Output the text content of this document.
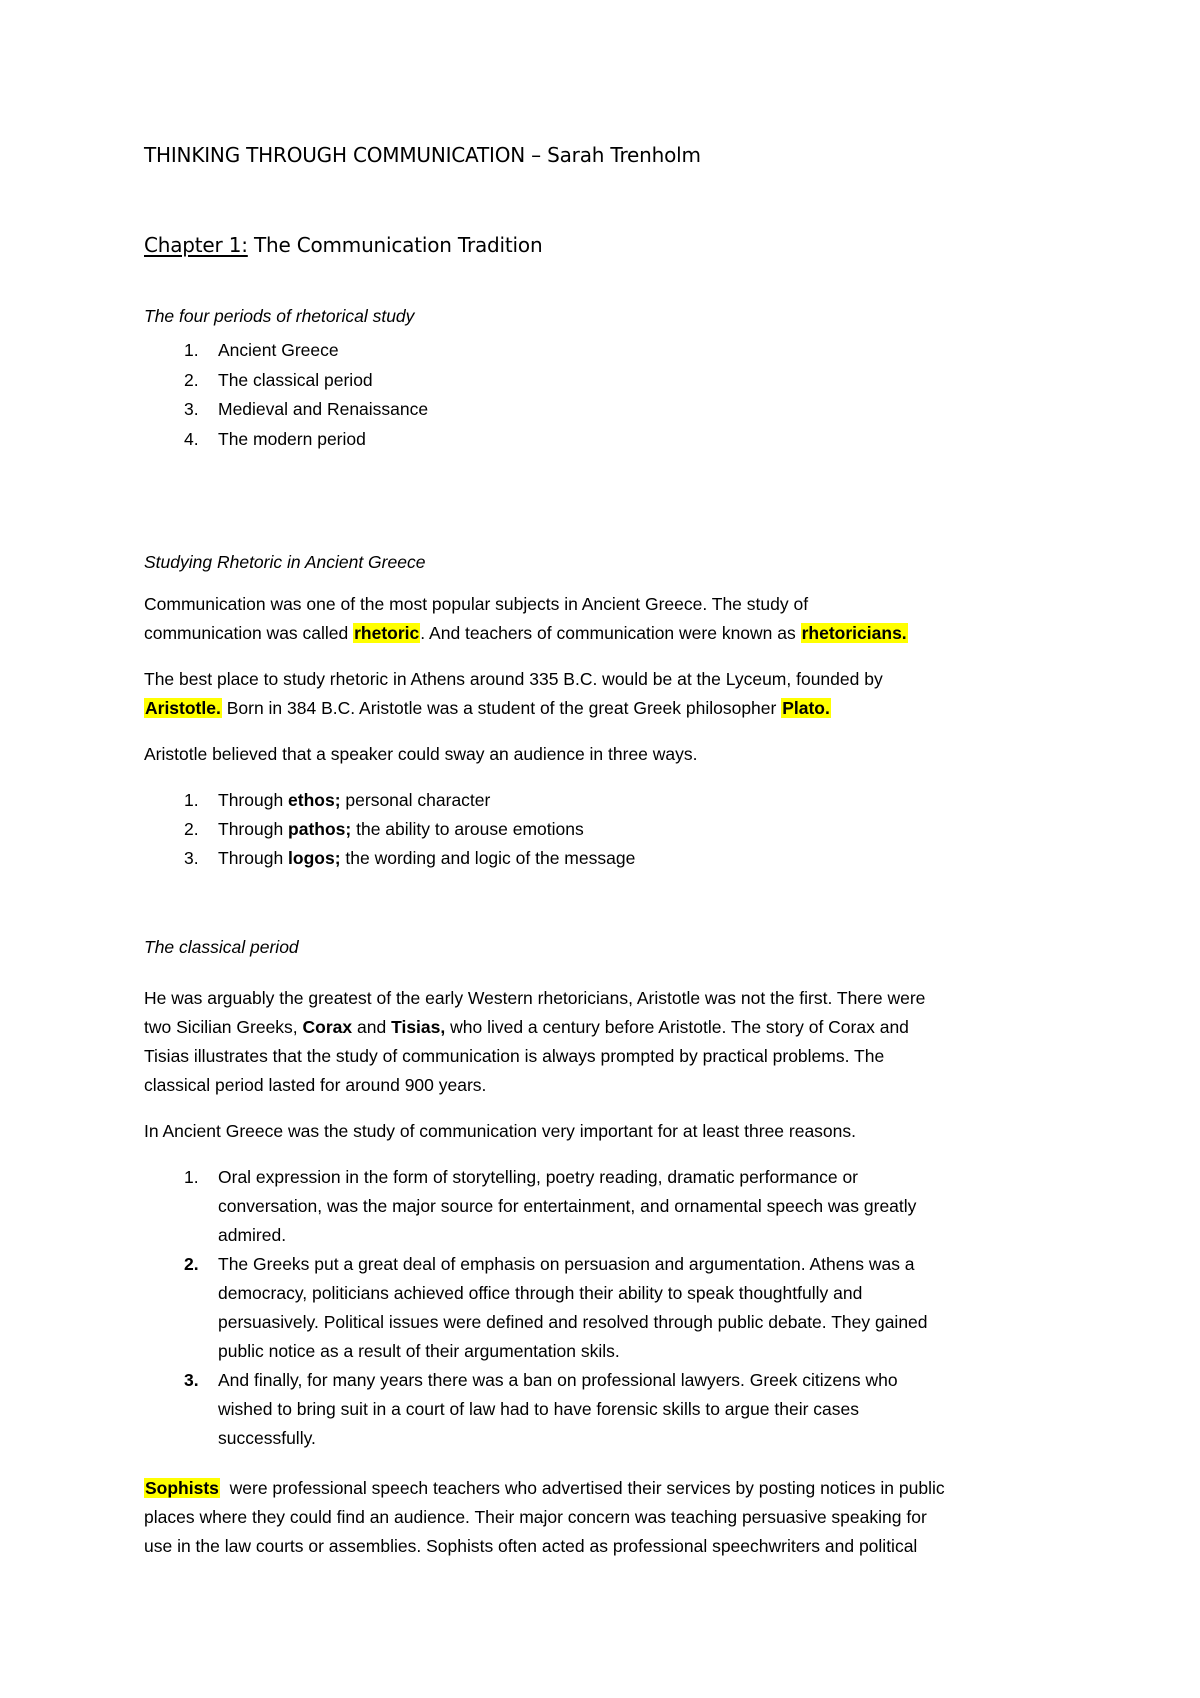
THINKING THROUGH COMMUNICATION – Sarah Trenholm
Chapter 1: The Communication Tradition
The four periods of rhetorical study
1. Ancient Greece
2. The classical period
3. Medieval and Renaissance
4. The modern period
Studying Rhetoric in Ancient Greece
Communication was one of the most popular subjects in Ancient Greece. The study of
communication was called rhetoric. And teachers of communication were known as rhetoricians.
The best place to study rhetoric in Athens around 335 B.C. would be at the Lyceum, founded by
Aristotle. Born in 384 B.C. Aristotle was a student of the great Greek philosopher Plato.
Aristotle believed that a speaker could sway an audience in three ways.
1. Through ethos; personal character
2. Through pathos; the ability to arouse emotions
3. Through logos; the wording and logic of the message
The classical period
He was arguably the greatest of the early Western rhetoricians, Aristotle was not the first. There were
two Sicilian Greeks, Corax and Tisias, who lived a century before Aristotle. The story of Corax and
Tisias illustrates that the study of communication is always prompted by practical problems. The
classical period lasted for around 900 years.
In Ancient Greece was the study of communication very important for at least three reasons.
1. Oral expression in the form of storytelling, poetry reading, dramatic performance or
conversation, was the major source for entertainment, and ornamental speech was greatly
admired.
2. The Greeks put a great deal of emphasis on persuasion and argumentation. Athens was a
democracy, politicians achieved office through their ability to speak thoughtfully and
persuasively. Political issues were defined and resolved through public debate. They gained
public notice as a result of their argumentation skils.
3. And finally, for many years there was a ban on professional lawyers. Greek citizens who
wished to bring suit in a court of law had to have forensic skills to argue their cases
successfully.
Sophists  were professional speech teachers who advertised their services by posting notices in public
places where they could find an audience. Their major concern was teaching persuasive speaking for
use in the law courts or assemblies. Sophists often acted as professional speechwriters and political
